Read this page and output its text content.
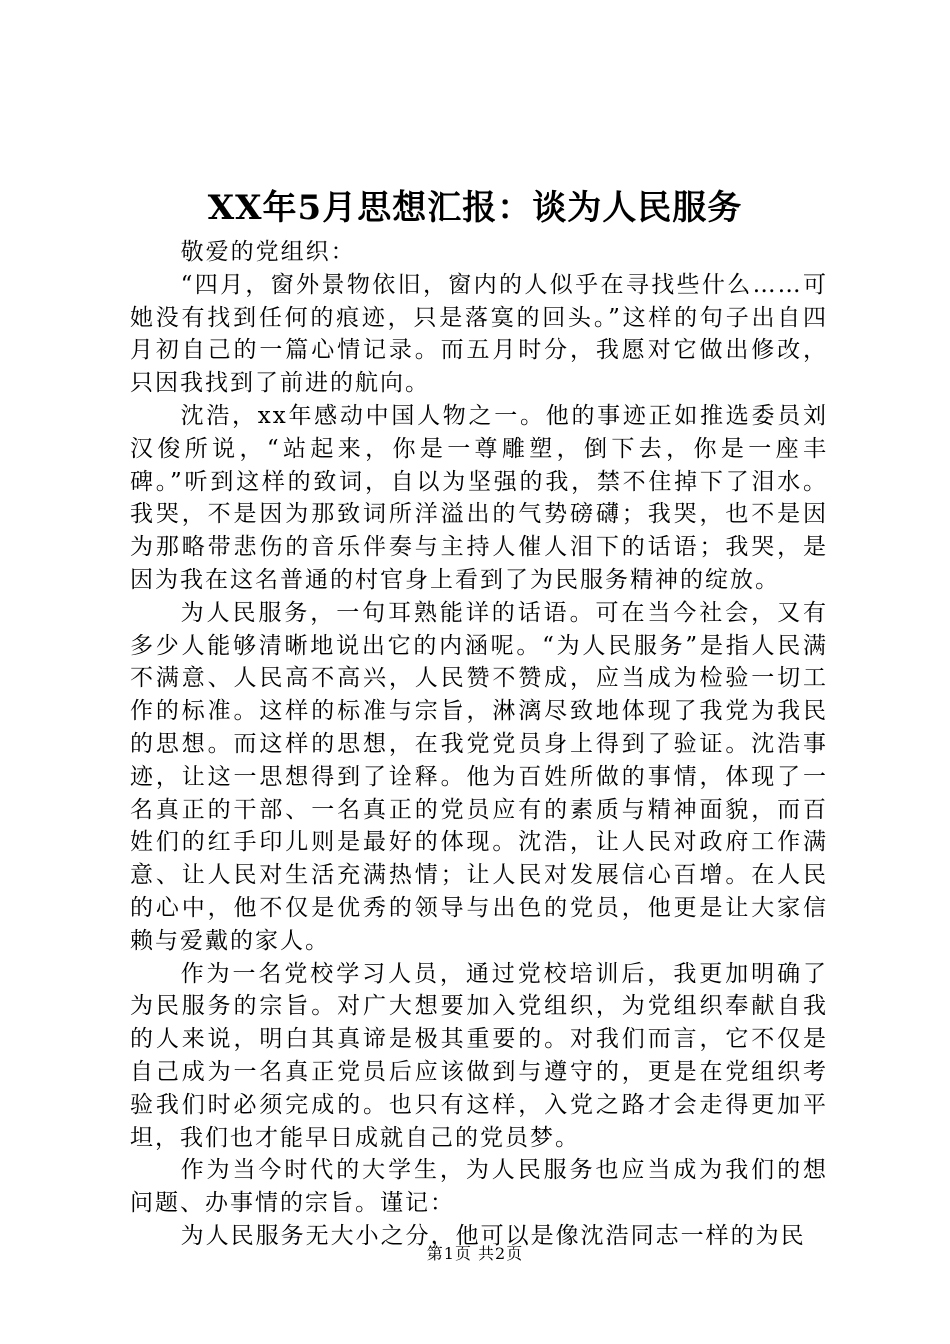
XX年5月思想汇报：谈为人民服务

敬爱的党组织：

“四月，窗外景物依旧，窗内的人似乎在寻找些什么……可她没有找到任何的痕迹，只是落寞的回头。”这样的句子出自四月初自己的一篇心情记录。而五月时分，我愿对它做出修改，只因我找到了前进的航向。

沈浩，xx年感动中国人物之一。他的事迹正如推选委员刘汉俊所说，“站起来，你是一尊雕塑，倒下去，你是一座丰碑。”听到这样的致词，自以为坚强的我，禁不住掉下了泪水。我哭，不是因为那致词所洋溢出的气势磅礴；我哭，也不是因为那略带悲伤的音乐伴奏与主持人催人泪下的话语；我哭，是因为我在这名普通的村官身上看到了为民服务精神的绽放。

为人民服务，一句耳熟能详的话语。可在当今社会，又有多少人能够清晰地说出它的内涵呢。“为人民服务”是指人民满不满意、人民高不高兴，人民赞不赞成，应当成为检验一切工作的标准。这样的标准与宗旨，淋漓尽致地体现了我党为我民的思想。而这样的思想，在我党党员身上得到了验证。沈浩事迹，让这一思想得到了诠释。他为百姓所做的事情，体现了一名真正的干部、一名真正的党员应有的素质与精神面貌，而百姓们的红手印儿则是最好的体现。沈浩，让人民对政府工作满意、让人民对生活充满热情；让人民对发展信心百增。在人民的心中，他不仅是优秀的领导与出色的党员，他更是让大家信赖与爱戴的家人。

作为一名党校学习人员，通过党校培训后，我更加明确了为民服务的宗旨。对广大想要加入党组织，为党组织奉献自我的人来说，明白其真谛是极其重要的。对我们而言，它不仅是自己成为一名真正党员后应该做到与遵守的，更是在党组织考验我们时必须完成的。也只有这样，入党之路才会走得更加平坦，我们也才能早日成就自己的党员梦。

作为当今时代的大学生，为人民服务也应当成为我们的想问题、办事情的宗旨。谨记：

为人民服务无大小之分，他可以是像沈浩同志一样的为民

第1页 共2页
